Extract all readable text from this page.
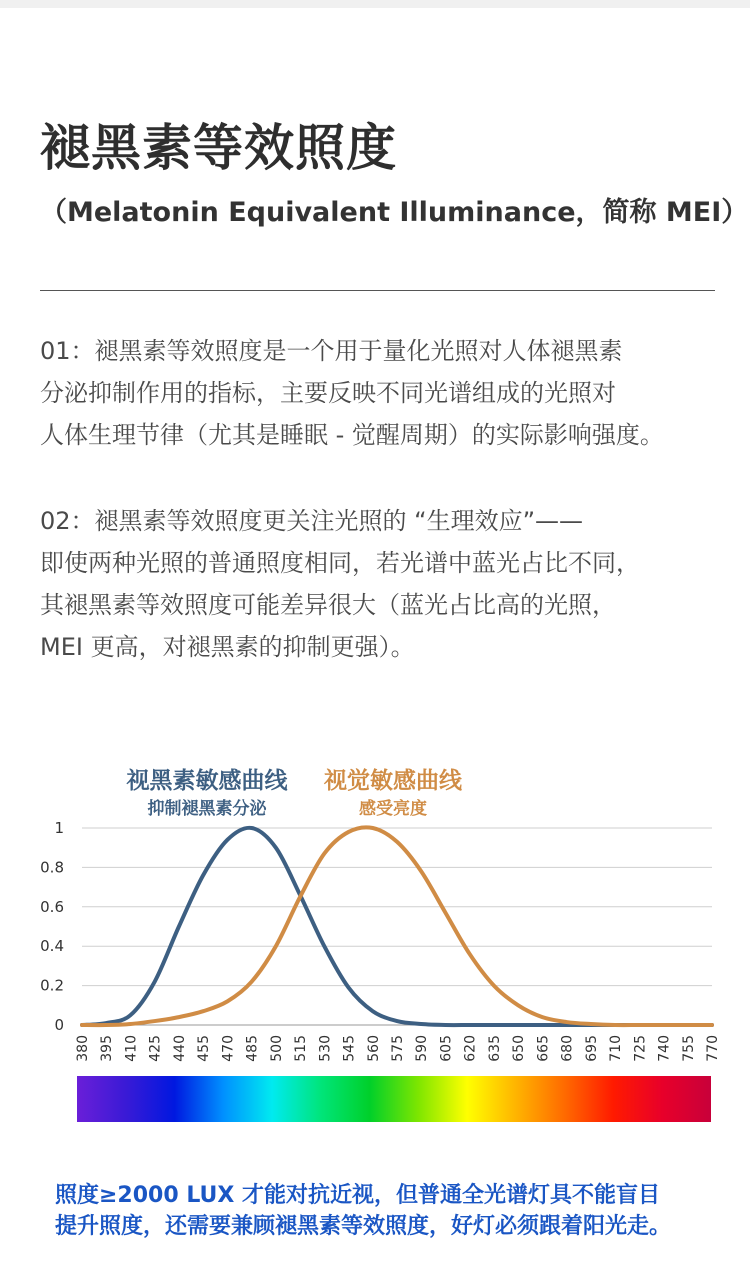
褪黑素等效照度
（Melatonin Equivalent Illuminance，简称 MEI）
01：褪黑素等效照度是一个用于量化光照对人体褪黑素
分泌抑制作用的指标，主要反映不同光谱组成的光照对
人体生理节律（尤其是睡眠 - 觉醒周期）的实际影响强度。
02：褪黑素等效照度更关注光照的 “生理效应”——
即使两种光照的普通照度相同，若光谱中蓝光占比不同，
其褪黑素等效照度可能差异很大（蓝光占比高的光照，
MEI 更高，对褪黑素的抑制更强）。
0
0.2
0.4
0.6
0.8
1
380 395 410 425 440 455 470 485 500 515 530 545 560 575 590 605 620 635 650 665 680 695 710 725 740 755 770
视黑素敏感曲线
抑制褪黑素分泌
视觉敏感曲线
感受亮度
照度≥2000 LUX 才能对抗近视，但普通全光谱灯具不能盲目
提升照度，还需要兼顾褪黑素等效照度，好灯必须跟着阳光走。
